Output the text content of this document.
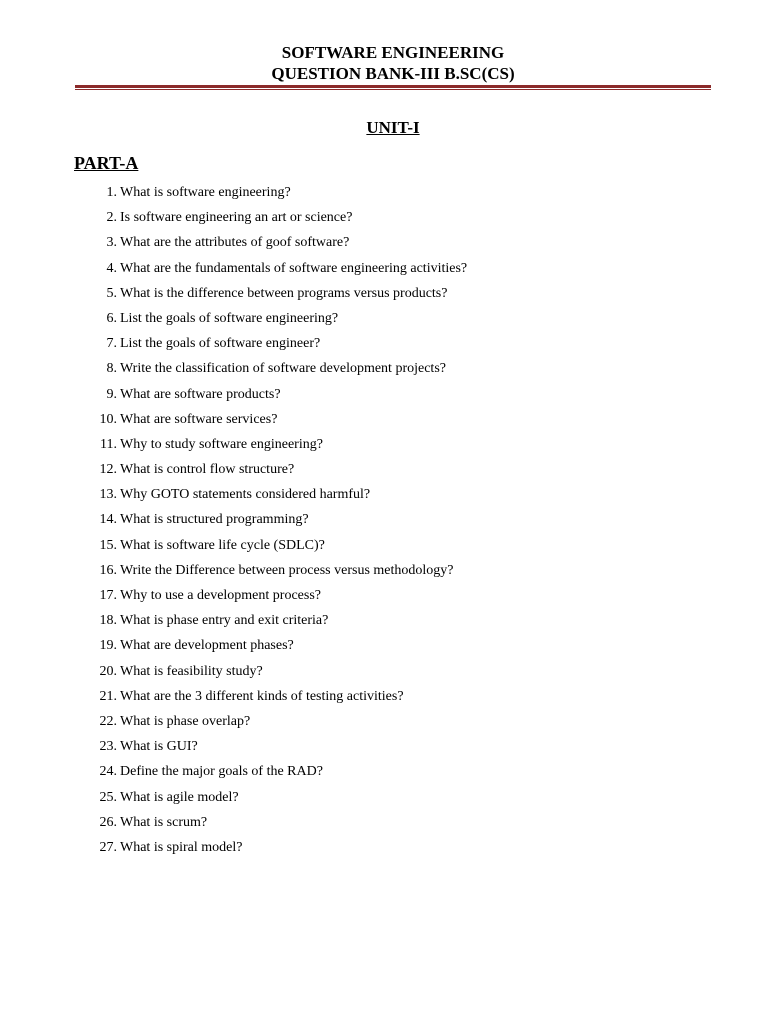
SOFTWARE ENGINEERING
QUESTION BANK-III B.SC(CS)
UNIT-I
PART-A
1. What is software engineering?
2. Is software engineering an art or science?
3. What are the attributes of goof software?
4. What are the fundamentals of software engineering activities?
5. What is the difference between programs versus products?
6. List the goals of software engineering?
7. List the goals of software engineer?
8. Write the classification of software development projects?
9. What are software products?
10. What are software services?
11. Why to study software engineering?
12. What is control flow structure?
13. Why GOTO statements considered harmful?
14. What is structured programming?
15. What is software life cycle (SDLC)?
16. Write the Difference between process versus methodology?
17. Why to use a development process?
18. What is phase entry and exit criteria?
19. What are development phases?
20. What is feasibility study?
21. What are the 3 different kinds of testing activities?
22. What is phase overlap?
23. What is GUI?
24. Define the major goals of the RAD?
25. What is agile model?
26. What is scrum?
27. What is spiral model?
